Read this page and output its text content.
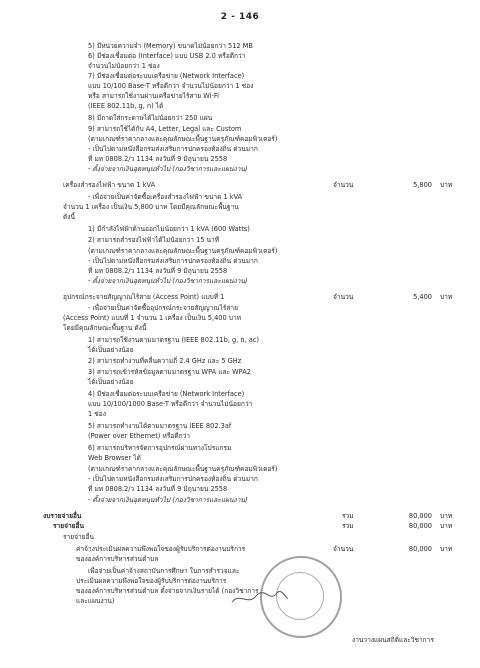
2 - 146
5) มีหน่วยความจำ (Memory) ขนาดไม่น้อยกว่า 512 MB
6) มีช่องเชื่อมต่อ (Interface) แบบ USB 2.0 หรือดีกว่า
จำนวนไม่น้อยกว่า 1 ช่อง
7) มีช่องเชื่อมต่อระบบเครือข่าย (Network Interface)
แบบ 10/100 Base-T หรือดีกว่า จำนวนไม่น้อยกว่า 1 ช่อง
หรือ สามารถใช้งานผ่านเครือข่ายไร้สาย Wi-Fi
(IEEE 802.11b, g, n) ได้
8) มีถาดใส่กระดาษได้ไม่น้อยกว่า 250 แผ่น
9) สามารถใช้ได้กับ A4, Letter, Legal และ Custom
(ตามเกณฑ์ราคากลางและคุณลักษณะพื้นฐานครุภัณฑ์คอมพิวเตอร์)
- เป็นไปตามหนังสือกรมส่งเสริมการปกครองท้องถิ่น ด่วนมาก
ที่ มท 0808.2/ว 1134 ลงวันที่ 9 มิถุนายน 2558
- ตั้งจ่ายจากเงินอุดหนุนทั่วไป (กองวิชาการและแผนงาน)
เครื่องสำรองไฟฟ้า ขนาด 1 kVA	จำนวน	5,800 บาท
- เพื่อจ่ายเป็นค่าจัดซื้อเครื่องสำรองไฟฟ้า ขนาด 1 kVA
จำนวน 1 เครื่อง เป็นเงิน 5,800 บาท โดยมีคุณลักษณะพื้นฐาน
ดังนี้
1) มีกำลังไฟฟ้าด้านออกไม่น้อยกว่า 1 kVA (600 Watts)
2) สามารถสำรองไฟฟ้าได้ไม่น้อยกว่า 15 นาที
(ตามเกณฑ์ราคากลางและคุณลักษณะพื้นฐานครุภัณฑ์คอมพิวเตอร์)
- เป็นไปตามหนังสือกรมส่งเสริมการปกครองท้องถิ่น ด่วนมาก
ที่ มท 0808.2/ว 1134 ลงวันที่ 9 มิถุนายน 2558
- ตั้งจ่ายจากเงินอุดหนุนทั่วไป (กองวิชาการและแผนงาน)
อุปกรณ์กระจายสัญญาณไร้สาย (Access Point) แบบที่ 1	จำนวน	5,400 บาท
- เพื่อจ่ายเป็นค่าจัดซื้ออุปกรณ์กระจายสัญญาณไร้สาย
(Access Point) แบบที่ 1 จำนวน 1 เครื่อง เป็นเงิน 5,400 บาท
โดยมีคุณลักษณะพื้นฐาน ดังนี้
1) สามารถใช้งานตามมาตรฐาน (IEEE 802.11b, g, n, ac)
ได้เป็นอย่างน้อย
2) สามารถทำงานที่คลื่นความถี่ 2.4 GHz และ 5 GHz
3) สามารถเข้ารหัสข้อมูลตามมาตรฐาน WPA และ WPA2
ได้เป็นอย่างน้อย
4) มีช่องเชื่อมต่อระบบเครือข่าย (Network Interface)
แบบ 10/100/1000 Base-T หรือดีกว่า จำนวนไม่น้อยกว่า
1 ช่อง
5) สามารถทำงานได้ตามมาตรฐาน IEEE 802.3af
(Power over Ethernet) หรือดีกว่า
6) สามารถบริหารจัดการอุปกรณ์ผ่านทางโปรแกรม
Web Browser ได้
(ตามเกณฑ์ราคากลางและคุณลักษณะพื้นฐานครุภัณฑ์คอมพิวเตอร์)
- เป็นไปตามหนังสือกรมส่งเสริมการปกครองท้องถิ่น ด่วนมาก
ที่ มท 0808.2/ว 1134 ลงวันที่ 9 มิถุนายน 2558
- ตั้งจ่ายจากเงินอุดหนุนทั่วไป (กองวิชาการและแผนงาน)
งบรายจ่ายอื่น	รวม	80,000 บาท
รายจ่ายอื่น	รวม	80,000 บาท
รายจ่ายอื่น
ค่าจ้างประเมินผลความพึงพอใจของผู้รับบริการต่องานบริการ
ขององค์การบริหารส่วนตำบล
จำนวน	80,000 บาท
เพื่อจ่ายเป็นค่าจ้างสถาบันการศึกษา ในการสำรวจและ
ประเมินผลความพึงพอใจของผู้รับบริการต่องานบริการ
ขององค์การบริหารส่วนตำบล ตั้งจ่ายจากเงินรายได้ (กองวิชาการ
และแผนงาน)
งานวางแผนสถิติและวิชาการ
